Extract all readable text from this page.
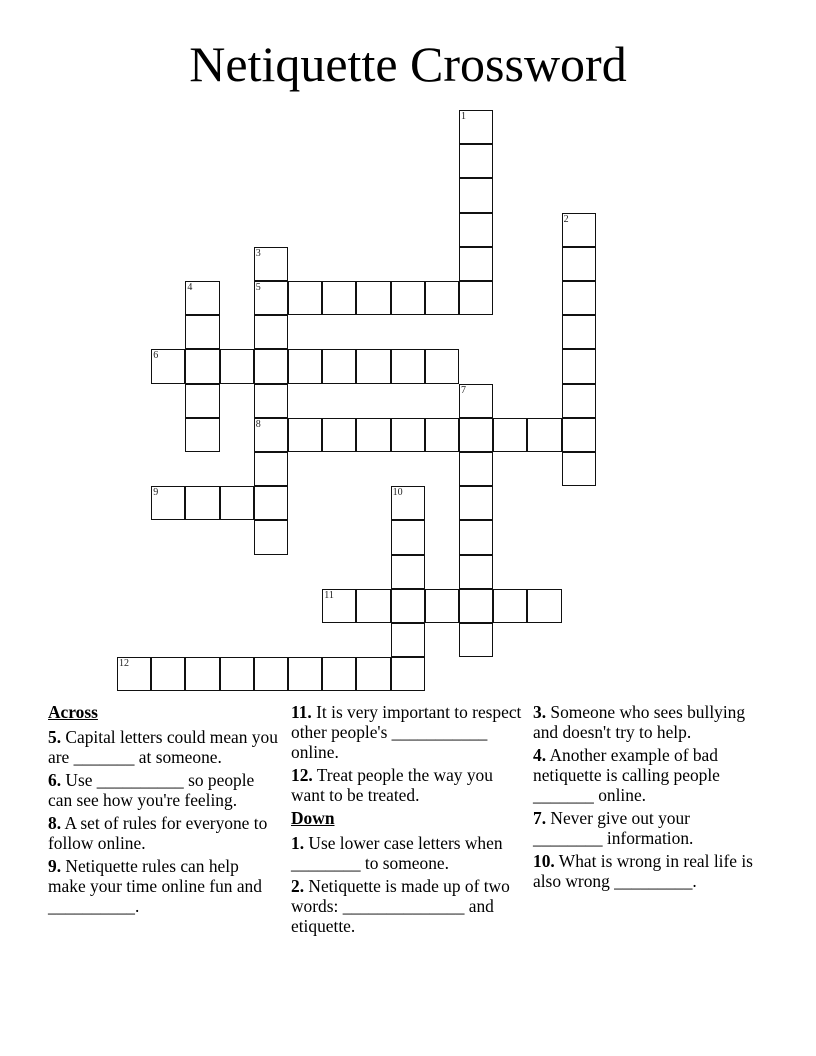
Netiquette Crossword
1
2
3
5
8
4
6
7
9	10
11
12
Across
5. Capital letters could mean you are _______ at someone.
6. Use __________ so people can see how you're feeling.
8. A set of rules for everyone to follow online.
9. Netiquette rules can help make your time online fun and __________.
11. It is very important to respect other people's ___________ online.
12. Treat people the way you want to be treated.
Down
1. Use lower case letters when ________ to someone.
2. Netiquette is made up of two words: ______________ and etiquette.
3. Someone who sees bullying and doesn't try to help.
4. Another example of bad netiquette is calling people _______ online.
7. Never give out your ________ information.
10. What is wrong in real life is also wrong _________.
